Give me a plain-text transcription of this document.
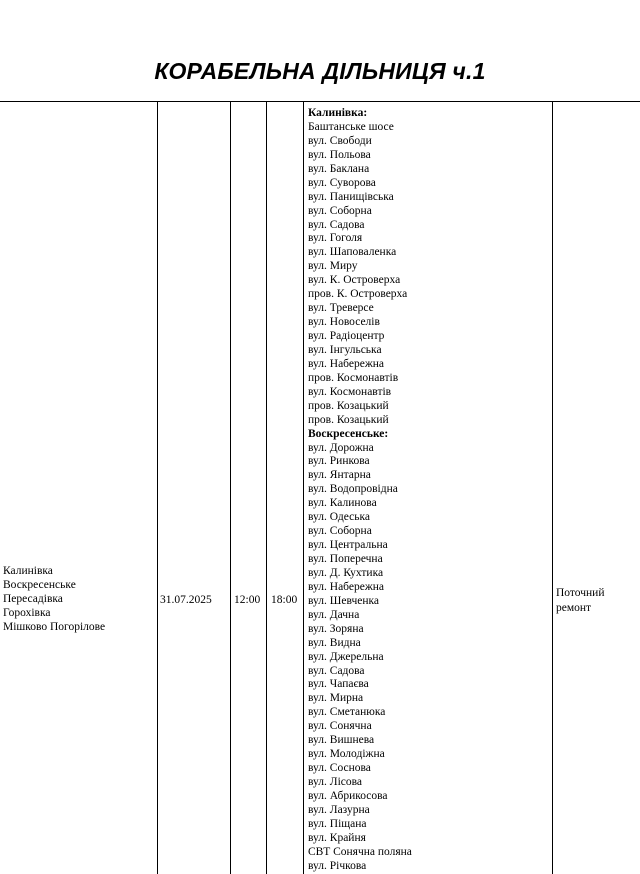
КОРАБЕЛЬНА ДІЛЬНИЦЯ ч.1
Калинівка
Воскресенське
Пересадівка
Горохівка
Мішково Погорілове
31.07.2025 12:00 18:00
Поточний
ремонт
Калинівка:
Баштанське шосе
вул. Свободи
вул. Польова
вул. Баклана
вул. Суворова
вул. Панищівська
вул. Соборна
вул. Садова
вул. Гоголя
вул. Шаповаленка
вул. Миру
вул. К. Островерха
пров. К. Островерха
вул. Треверсе
вул. Новоселів
вул. Радіоцентр
вул. Інгульська
вул. Набережна
пров. Космонавтів
вул. Космонавтів
пров. Козацький
пров. Козацький
Воскресенське:
вул. Дорожна
вул. Ринкова
вул. Янтарна
вул. Водопровідна
вул. Калинова
вул. Одеська
вул. Соборна
вул. Центральна
вул. Поперечна
вул. Д. Кухтика
вул. Набережна
вул. Шевченка
вул. Дачна
вул. Зоряна
вул. Видна
вул. Джерельна
вул. Садова
вул. Чапаєва
вул. Мирна
вул. Сметанюка
вул. Сонячна
вул. Вишнева
вул. Молодіжна
вул. Соснова
вул. Лісова
вул. Абрикосова
вул. Лазурна
вул. Піщана
вул. Крайня
СВТ Сонячна поляна
вул. Річкова
